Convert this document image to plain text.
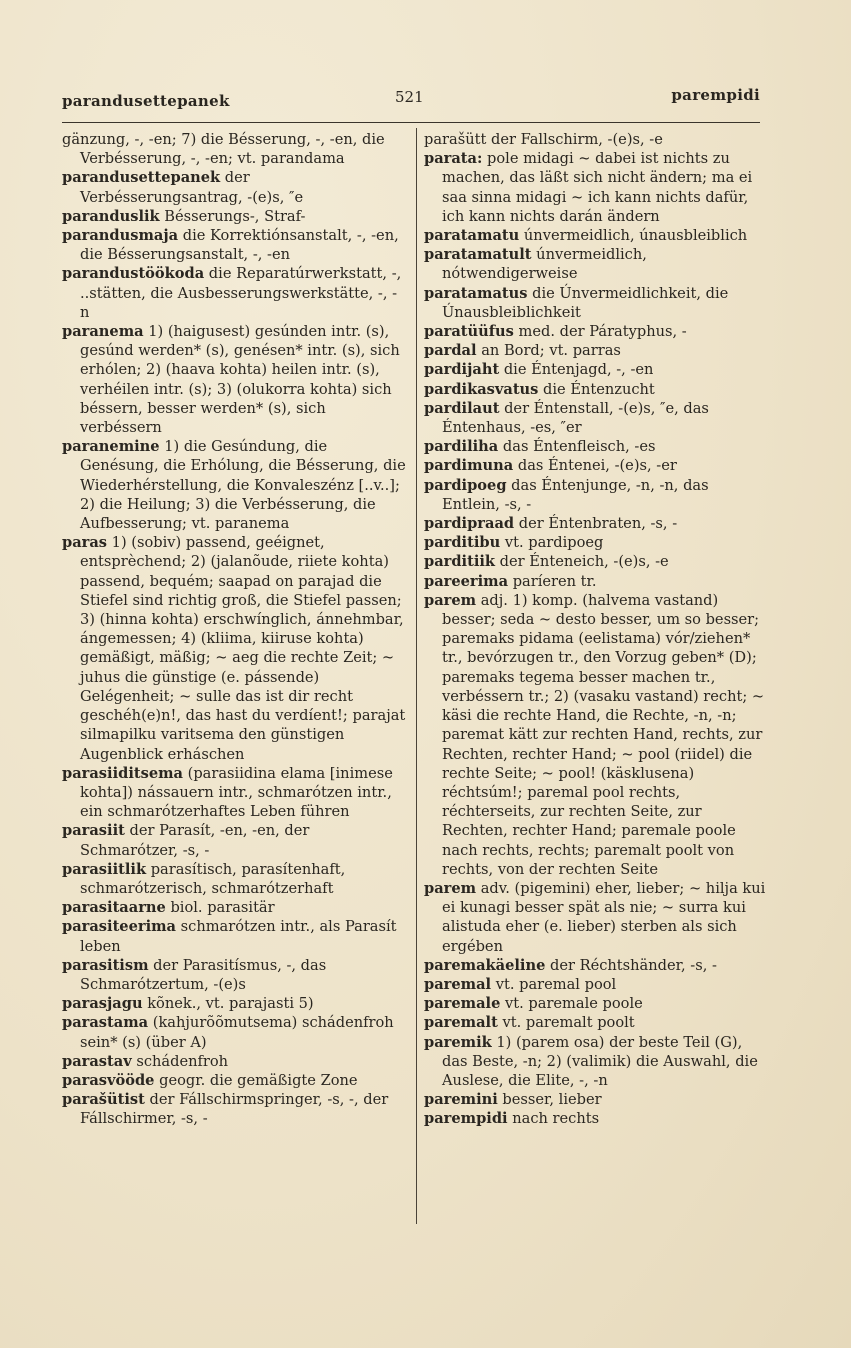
parandusettepanek	521	parempidi
gänzung, -, -en; 7) die Bésserung, -, -en, die Verbésserung, -, -en; vt. parandama
parandusettepanek der Verbésserungsantrag, -(e)s, ″e
paranduslik Bésserungs-, Straf-
parandusmaja die Korrektiónsanstalt, -, -en, die Bésserungsanstalt, -, -en
parandustöökoda die Reparatúrwerkstatt, -, ..stätten, die Ausbesserungswerkstätte, -, -n
paranema 1) (haigusest) gesúnden intr. (s), gesúnd werden* (s), genésen* intr. (s), sich erhólen; 2) (haava kohta) heilen intr. (s), verhéilen intr. (s); 3) (olukorra kohta) sich béssern, besser werden* (s), sich verbéssern
paranemine 1) die Gesúndung, die Genésung, die Erhólung, die Bésserung, die Wiederhérstellung, die Konvaleszénz [..v..]; 2) die Heilung; 3) die Verbésserung, die Aufbesserung; vt. paranema
paras 1) (sobiv) passend, geéignet, entsprèchend; 2) (jalanõude, riiete kohta) passend, bequém; saapad on parajad die Stiefel sind richtig groß, die Stiefel passen; 3) (hinna kohta) erschwínglich, ánnehmbar, ángemessen; 4) (kliima, kiiruse kohta) gemäßigt, mäßig; ~ aeg die rechte Zeit; ~ juhus die günstige (e. pássende) Gelégenheit; ~ sulle das ist dir recht geschéh(e)n!, das hast du verdíent!; parajat silmapilku varitsema den günstigen Augenblick erháschen
parasiiditsema (parasiidina elama [inimese kohta]) nássauern intr., schmarótzen intr., ein schmarótzerhaftes Leben führen
parasiit der Parasít, -en, -en, der Schmarótzer, -s, -
parasiitlik parasítisch, parasítenhaft, schmarótzerisch, schmarótzerhaft
parasitaarne biol. parasitär
parasiteerima schmarótzen intr., als Parasít leben
parasitism der Parasitísmus, -, das Schmarótzertum, -(e)s
parasjagu kõnek., vt. parajasti 5)
parastama (kahjurõõmutsema) schádenfroh sein* (s) (über A)
parastav schádenfroh
parasvööde geogr. die gemäßigte Zone
parašütist der Fállschirmspringer, -s, -, der Fállschirmer, -s, -
parašütt der Fallschirm, -(e)s, -e
parata: pole midagi ~ dabei ist nichts zu machen, das läßt sich nicht ändern; ma ei saa sinna midagi ~ ich kann nichts dafür, ich kann nichts darán ändern
paratamatu únvermeidlich, únausbleiblich
paratamatult únvermeidlich, nótwendigerweise
paratamatus die Únvermeidlichkeit, die Únausbleiblichkeit
paratüüfus med. der Páratyphus, -
pardal an Bord; vt. parras
pardijaht die Éntenjagd, -, -en
pardikasvatus die Éntenzucht
pardilaut der Éntenstall, -(e)s, ″e, das Éntenhaus, -es, ″er
pardiliha das Éntenfleisch, -es
pardimuna das Éntenei, -(e)s, -er
pardipoeg das Éntenjunge, -n, -n, das Entlein, -s, -
pardipraad der Éntenbraten, -s, -
parditibu vt. pardipoeg
parditiik der Énteneich, -(e)s, -e
pareerima paríeren tr.
parem adj. 1) komp. (halvema vastand) besser; seda ~ desto besser, um so besser; paremaks pidama (eelistama) vór/ziehen* tr., bevórzugen tr., den Vorzug geben* (D); paremaks tegema besser machen tr., verbéssern tr.; 2) (vasaku vastand) recht; ~ käsi die rechte Hand, die Rechte, -n, -n; paremat kätt zur rechten Hand, rechts, zur Rechten, rechter Hand; ~ pool (riidel) die rechte Seite; ~ pool! (käsklusena) réchtsúm!; paremal pool rechts, réchterseits, zur rechten Seite, zur Rechten, rechter Hand; paremale poole nach rechts, rechts; paremalt poolt von rechts, von der rechten Seite
parem adv. (pigemini) eher, lieber; ~ hilja kui ei kunagi besser spät als nie; ~ surra kui alistuda eher (e. lieber) sterben als sich ergében
paremakäeline der Réchtshänder, -s, -
paremal vt. paremal pool
paremale vt. paremale poole
paremalt vt. paremalt poolt
paremik 1) (parem osa) der beste Teil (G), das Beste, -n; 2) (valimik) die Auswahl, die Auslese, die Elite, -, -n
paremini besser, lieber
parempidi nach rechts
